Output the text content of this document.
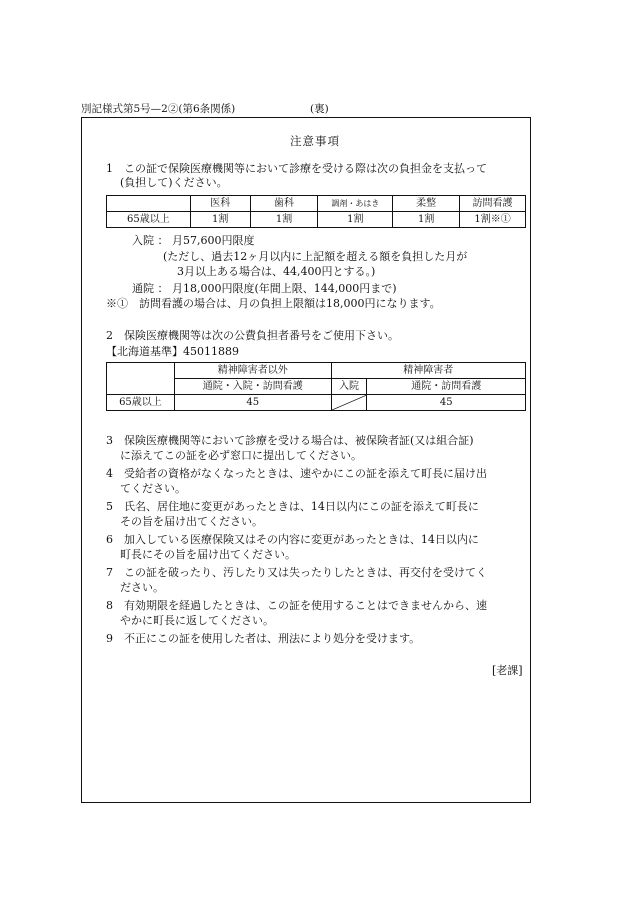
別記様式第5号—2②(第6条関係)	(裏)
注意事項
1　この証で保険医療機関等において診療を受ける際は次の負担金を支払って
(負担して)ください。
	医科	歯科	調剤・あはき	柔整	訪問看護
65歳以上	1割	1割	1割	1割	1割※①
入院 ： 月57,600円限度
(ただし、過去12ヶ月以内に上記額を超える額を負担した月が
3月以上ある場合は、44,400円とする。)
通院 ： 月18,000円限度(年間上限、144,000円まで)
※①　訪問看護の場合は、月の負担上限額は18,000円になります。
2　保険医療機関等は次の公費負担者番号をご使用下さい。
【北海道基準】45011889
	精神障害者以外	精神障害者	
	通院・入院・訪問看護	入院	通院・訪問看護
65歳以上	45		45
3　保険医療機関等において診療を受ける場合は、被保険者証(又は組合証)
に添えてこの証を必ず窓口に提出してください。
4　受給者の資格がなくなったときは、速やかにこの証を添えて町長に届け出
てください。
5　氏名、居住地に変更があったときは、14日以内にこの証を添えて町長に
その旨を届け出てください。
6　加入している医療保険又はその内容に変更があったときは、14日以内に
町長にその旨を届け出てください。
7　この証を破ったり、汚したり又は失ったりしたときは、再交付を受けてく
ださい。
8　有効期限を経過したときは、この証を使用することはできませんから、速
やかに町長に返してください。
9　不正にこの証を使用した者は、刑法により処分を受けます。
[老課]
